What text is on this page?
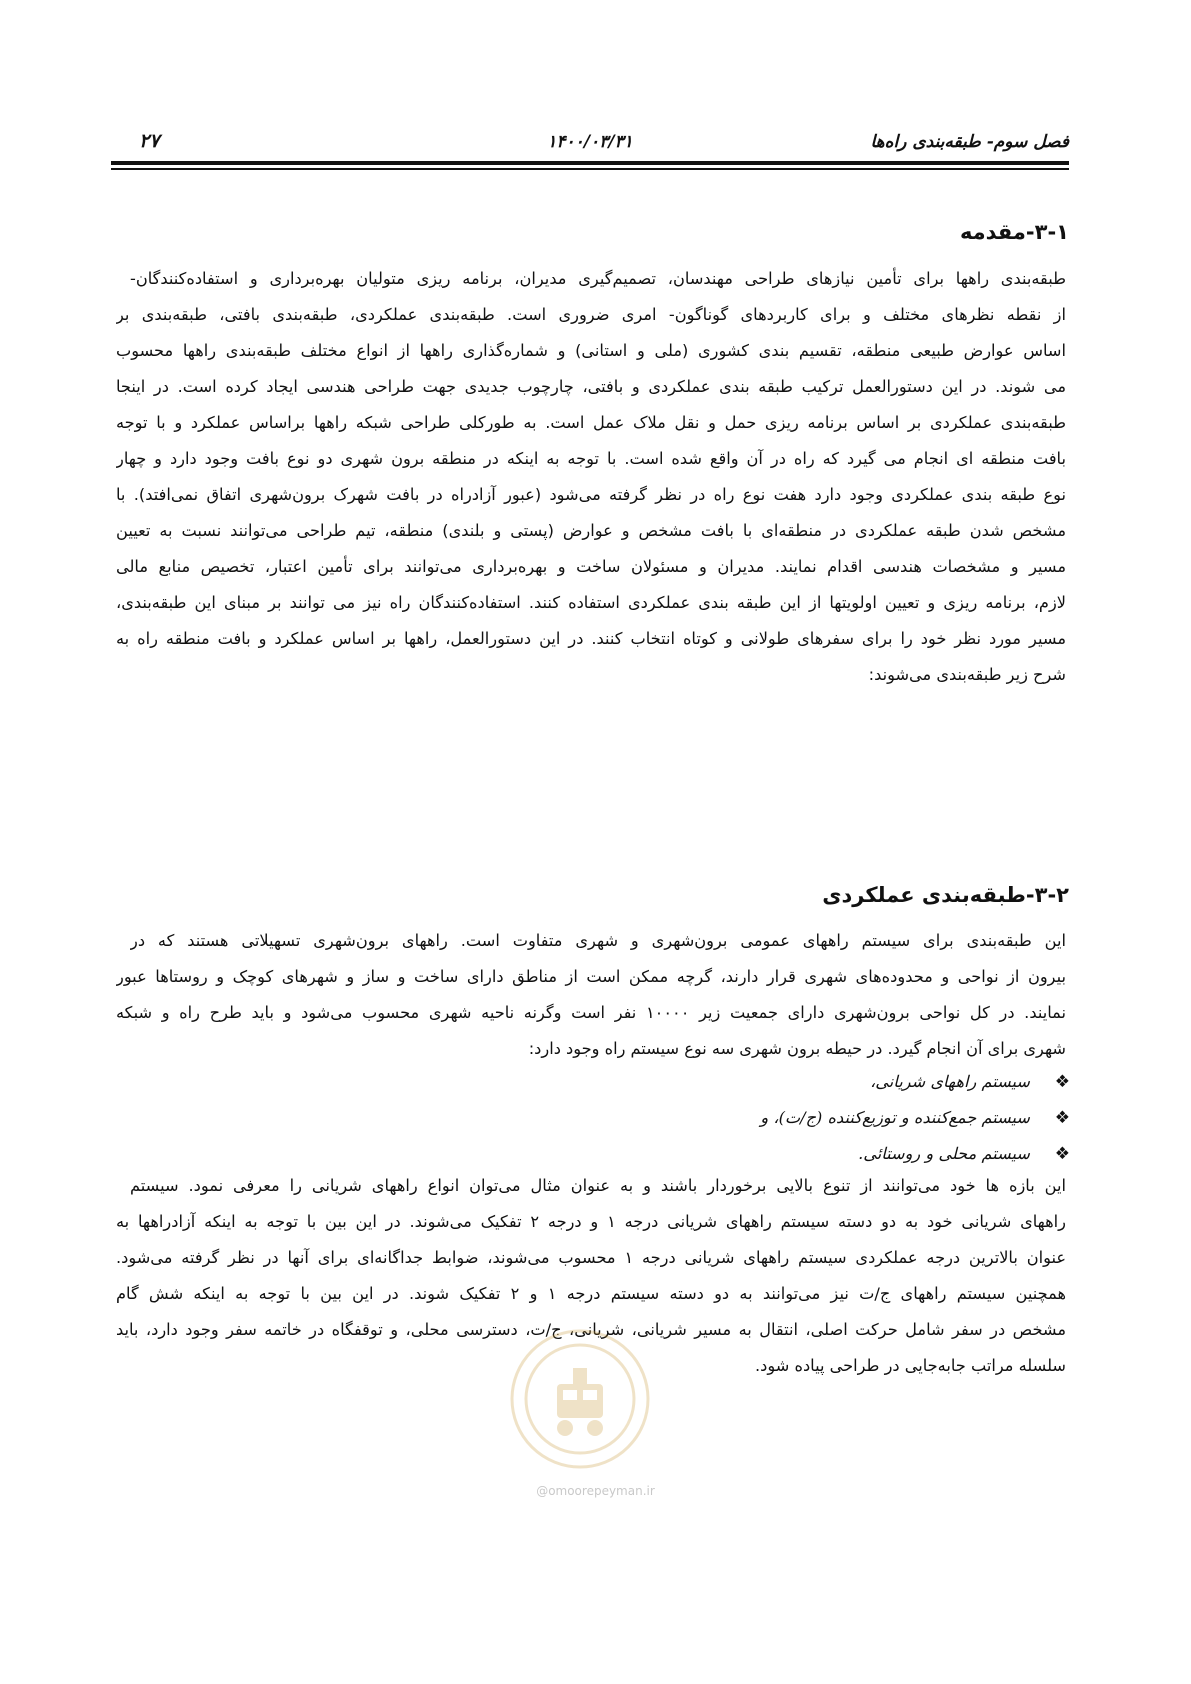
فصل سوم- طبقه‌بندی راه‌ها
۱۴۰۰/۰۳/۳۱
۲۷
۳-۱-مقدمه
طبقه‌بندی راهها برای تأمین نیازهای طراحی مهندسان، تصمیم‌گیری مدیران، برنامه ریزی متولیان بهره‌برداری و استفاده‌کنندگان-
از نقطه نظرهای مختلف و برای کاربردهای گوناگون- امری ضروری است. طبقه‌بندی عملکردی، طبقه‌بندی بافتی، طبقه‌بندی بر
اساس عوارض طبیعی منطقه، تقسیم بندی کشوری (ملی و استانی) و شماره‌گذاری راهها از انواع مختلف طبقه‌بندی راهها محسوب
می شوند. در این دستورالعمل ترکیب طبقه بندی عملکردی و بافتی، چارچوب جدیدی جهت طراحی هندسی ایجاد کرده است. در اینجا
طبقه‌بندی عملکردی بر اساس برنامه ریزی حمل و نقل ملاک عمل است. به طورکلی طراحی شبکه راهها براساس عملکرد و با توجه
بافت منطقه ای انجام می گیرد که راه در آن واقع شده است. با توجه به اینکه در منطقه برون شهری دو نوع بافت وجود دارد و چهار
نوع طبقه بندی عملکردی وجود دارد هفت نوع راه در نظر گرفته می‌شود (عبور آزادراه در بافت شهرک برون‌شهری اتفاق نمی‌افتد). با
مشخص شدن طبقه عملکردی در منطقه‌ای با بافت مشخص و عوارض (پستی و بلندی) منطقه، تیم طراحی می‌توانند نسبت به تعیین
مسیر و مشخصات هندسی اقدام نمایند. مدیران و مسئولان ساخت و بهره‌برداری می‌توانند برای تأمین اعتبار، تخصیص منابع مالی
لازم، برنامه ریزی و تعیین اولویتها از این طبقه بندی عملکردی استفاده کنند. استفاده‌کنندگان راه نیز می توانند بر مبنای این طبقه‌بندی،
مسیر مورد نظر خود را برای سفرهای طولانی و کوتاه انتخاب کنند. در این دستورالعمل، راهها بر اساس عملکرد و بافت منطقه راه به
شرح زیر طبقه‌بندی می‌شوند:
۳-۲-طبقه‌بندی عملکردی
این طبقه‌بندی برای سیستم راههای عمومی برون‌شهری و شهری متفاوت است. راههای برون‌شهری تسهیلاتی هستند که در
بیرون از نواحی و محدوده‌های شهری قرار دارند، گرچه ممکن است از مناطق دارای ساخت و ساز و شهرهای کوچک و روستاها عبور
نمایند. در کل نواحی برون‌شهری دارای جمعیت زیر ۱۰۰۰۰ نفر است وگرنه ناحیه شهری محسوب می‌شود و باید طرح راه و شبکه
شهری برای آن انجام گیرد. در حیطه برون شهری سه نوع سیستم راه وجود دارد:
❖سیستم راههای شریانی،
❖سیستم جمع‌کننده و توزیع‌کننده (ج/ت)، و
❖سیستم محلی و روستائی.
این بازه ها خود می‌توانند از تنوع بالایی برخوردار باشند و به عنوان مثال می‌توان انواع راههای شریانی را معرفی نمود. سیستم
راههای شریانی خود به دو دسته سیستم راههای شریانی درجه ۱ و درجه ۲ تفکیک می‌شوند. در این بین با توجه به اینکه آزادراهها به
عنوان بالاترین درجه عملکردی سیستم راههای شریانی درجه ۱ محسوب می‌شوند، ضوابط جداگانه‌ای برای آنها در نظر گرفته می‌شود.
همچنین سیستم راههای ج/ت نیز می‌توانند به دو دسته سیستم درجه ۱ و ۲ تفکیک شوند. در این بین با توجه به اینکه شش گام
مشخص در سفر شامل حرکت اصلی، انتقال به مسیر شریانی، شریانی، ج/ت، دسترسی محلی، و توقفگاه در خاتمه سفر وجود دارد، باید
سلسله مراتب جابه‌جایی در طراحی پیاده شود.
@omoorepeyman.ir
